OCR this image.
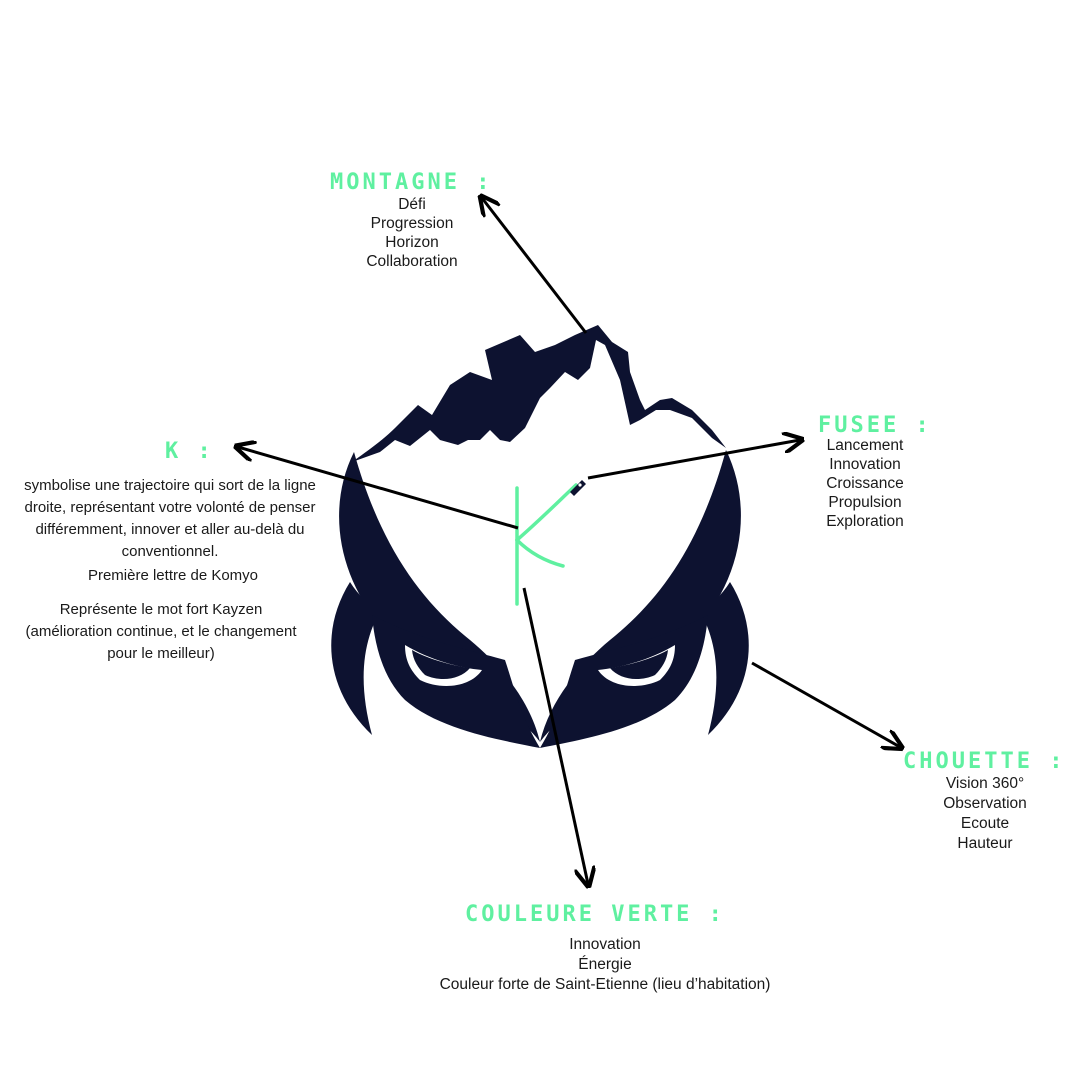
MONTAGNE :
Défi
Progression
Horizon
Collaboration
FUSEE :
Lancement
Innovation
Croissance
Propulsion
Exploration
K :
symbolise une trajectoire qui sort de la ligne droite, représentant votre volonté de penser différemment, innover et aller au-delà du conventionnel.
Première lettre de Komyo
Représente le mot fort Kayzen (amélioration continue, et le changement pour le meilleur)
CHOUETTE :
Vision 360°
Observation
Ecoute
Hauteur
COULEURE VERTE :
Innovation
Énergie
Couleur forte de Saint-Etienne (lieu d’habitation)
